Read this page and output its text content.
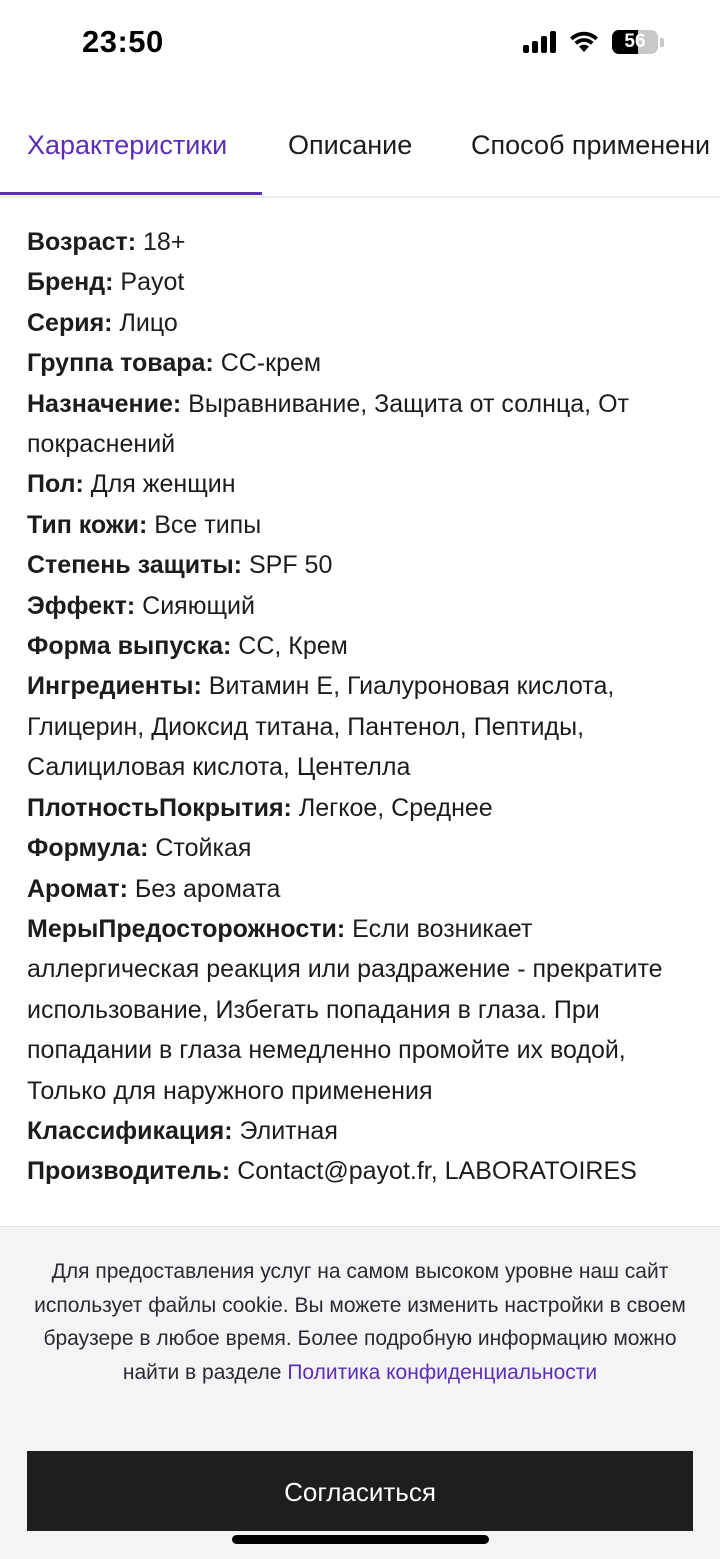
23:50	56
Характеристики Описание Способ применени

Возраст: 18+

Бренд: Payot

Серия: Лицо

Группа товара: СС-крем

Назначение: Выравнивание, Защита от солнца, От покраснений

Пол: Для женщин

Тип кожи: Все типы

Степень защиты: SPF 50

Эффект: Сияющий

Форма выпуска: СС, Крем

Ингредиенты: Витамин Е, Гиалуроновая кислота, Глицерин, Диоксид титана, Пантенол, Пептиды, Салициловая кислота, Центелла

ПлотностьПокрытия: Легкое, Среднее

Формула: Стойкая

Аромат: Без аромата

МерыПредосторожности: Если возникает аллергическая реакция или раздражение - прекратите использование, Избегать попадания в глаза. При попадании в глаза немедленно промойте их водой, Только для наружного применения

Классификация: Элитная

Производитель: Contact@payot.fr, LABORATOIRES

Для предоставления услуг на самом высоком уровне наш сайт использует файлы cookie. Вы можете изменить настройки в своем браузере в любое время. Более подробную информацию можно найти в разделе Политика конфиденциальности
Согласиться
